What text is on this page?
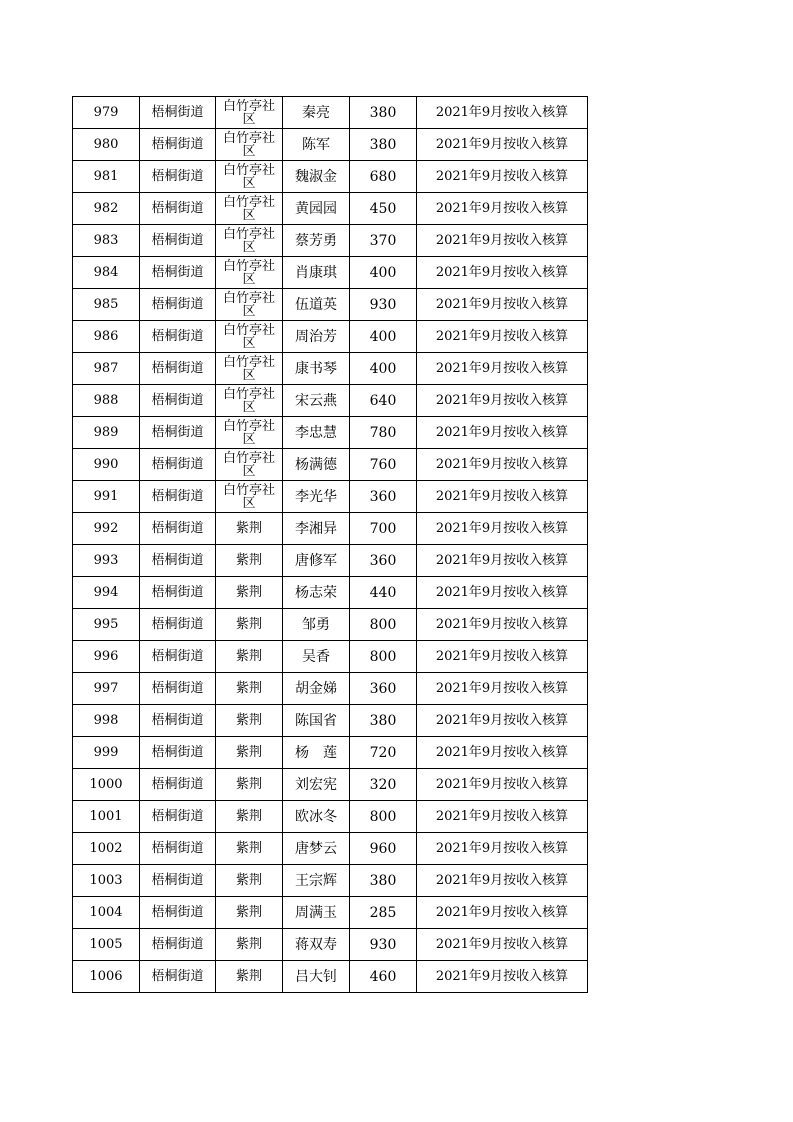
979	梧桐街道	白竹亭社区	秦亮	380	2021年9月按收入核算
980	梧桐街道	白竹亭社区	陈军	380	2021年9月按收入核算
981	梧桐街道	白竹亭社区	魏淑金	680	2021年9月按收入核算
982	梧桐街道	白竹亭社区	黄园园	450	2021年9月按收入核算
983	梧桐街道	白竹亭社区	蔡芳勇	370	2021年9月按收入核算
984	梧桐街道	白竹亭社区	肖康琪	400	2021年9月按收入核算
985	梧桐街道	白竹亭社区	伍道英	930	2021年9月按收入核算
986	梧桐街道	白竹亭社区	周治芳	400	2021年9月按收入核算
987	梧桐街道	白竹亭社区	康书琴	400	2021年9月按收入核算
988	梧桐街道	白竹亭社区	宋云燕	640	2021年9月按收入核算
989	梧桐街道	白竹亭社区	李忠慧	780	2021年9月按收入核算
990	梧桐街道	白竹亭社区	杨满德	760	2021年9月按收入核算
991	梧桐街道	白竹亭社区	李光华	360	2021年9月按收入核算
992	梧桐街道	紫荆	李湘异	700	2021年9月按收入核算
993	梧桐街道	紫荆	唐修军	360	2021年9月按收入核算
994	梧桐街道	紫荆	杨志荣	440	2021年9月按收入核算
995	梧桐街道	紫荆	邹勇	800	2021年9月按收入核算
996	梧桐街道	紫荆	吴香	800	2021年9月按收入核算
997	梧桐街道	紫荆	胡金娣	360	2021年9月按收入核算
998	梧桐街道	紫荆	陈国省	380	2021年9月按收入核算
999	梧桐街道	紫荆	杨　莲	720	2021年9月按收入核算
1000	梧桐街道	紫荆	刘宏宪	320	2021年9月按收入核算
1001	梧桐街道	紫荆	欧冰冬	800	2021年9月按收入核算
1002	梧桐街道	紫荆	唐梦云	960	2021年9月按收入核算
1003	梧桐街道	紫荆	王宗辉	380	2021年9月按收入核算
1004	梧桐街道	紫荆	周满玉	285	2021年9月按收入核算
1005	梧桐街道	紫荆	蒋双寿	930	2021年9月按收入核算
1006	梧桐街道	紫荆	吕大钊	460	2021年9月按收入核算
